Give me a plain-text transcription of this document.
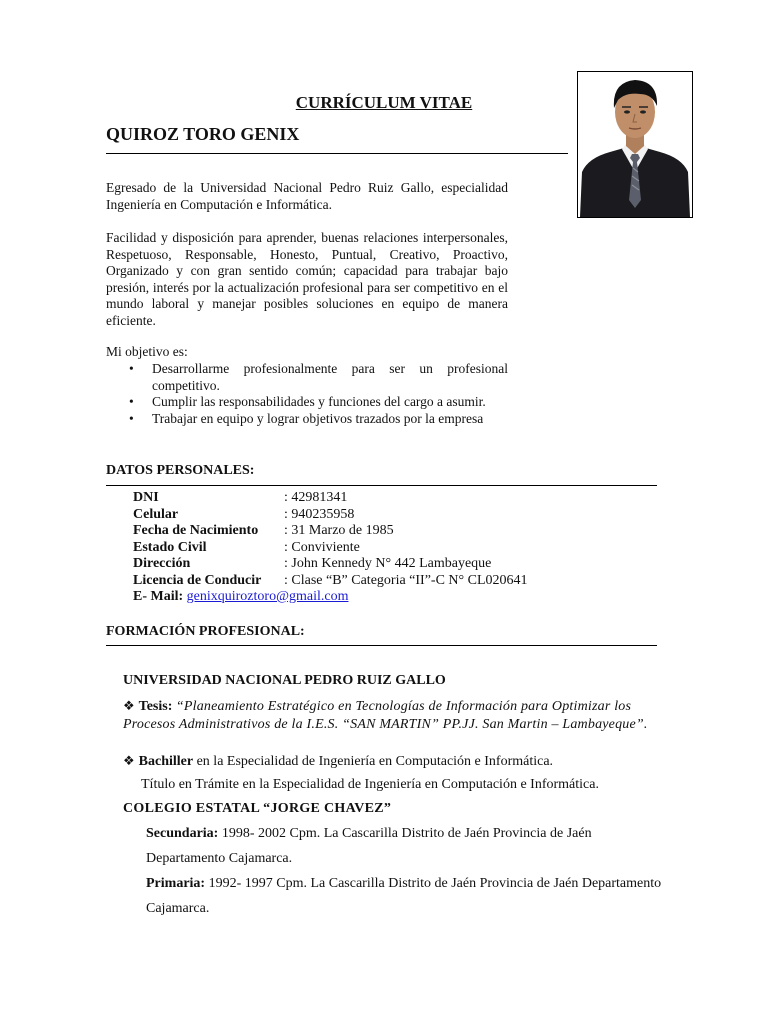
CURRÍCULUM VITAE
QUIROZ TORO GENIX
Egresado de la Universidad Nacional Pedro Ruiz Gallo, especialidad Ingeniería en Computación e Informática.
Facilidad y disposición para aprender, buenas relaciones interpersonales, Respetuoso, Responsable, Honesto, Puntual, Creativo, Proactivo, Organizado y con gran sentido común; capacidad para trabajar bajo presión, interés por la actualización profesional para ser competitivo en el mundo laboral y manejar posibles soluciones en equipo de manera eficiente.
Mi objetivo es:
• Desarrollarme profesionalmente para ser un profesional competitivo.
• Cumplir las responsabilidades y funciones del cargo a asumir.
• Trabajar en equipo y lograr objetivos trazados por la empresa
DATOS PERSONALES:
DNI	: 42981341
Celular	: 940235958
Fecha de Nacimiento : 31 Marzo de 1985
Estado Civil	: Conviviente
Dirección	: John Kennedy N° 442 Lambayeque
Licencia de Conducir : Clase “B” Categoria “II”-C N° CL020641
E- Mail: genixquiroztoro@gmail.com
FORMACIÓN PROFESIONAL:
UNIVERSIDAD NACIONAL PEDRO RUIZ GALLO
❖ Tesis: “Planeamiento Estratégico en Tecnologías de Información para Optimizar los Procesos Administrativos de la I.E.S. “SAN MARTIN” PP.JJ. San Martin – Lambayeque”.
❖ Bachiller en la Especialidad de Ingeniería en Computación e Informática.
Título en Trámite en la Especialidad de Ingeniería en Computación e Informática.
COLEGIO ESTATAL “JORGE CHAVEZ”
Secundaria: 1998- 2002 Cpm. La Cascarilla Distrito de Jaén Provincia de Jaén
Departamento Cajamarca.
Primaria: 1992- 1997 Cpm. La Cascarilla Distrito de Jaén Provincia de Jaén Departamento
Cajamarca.
